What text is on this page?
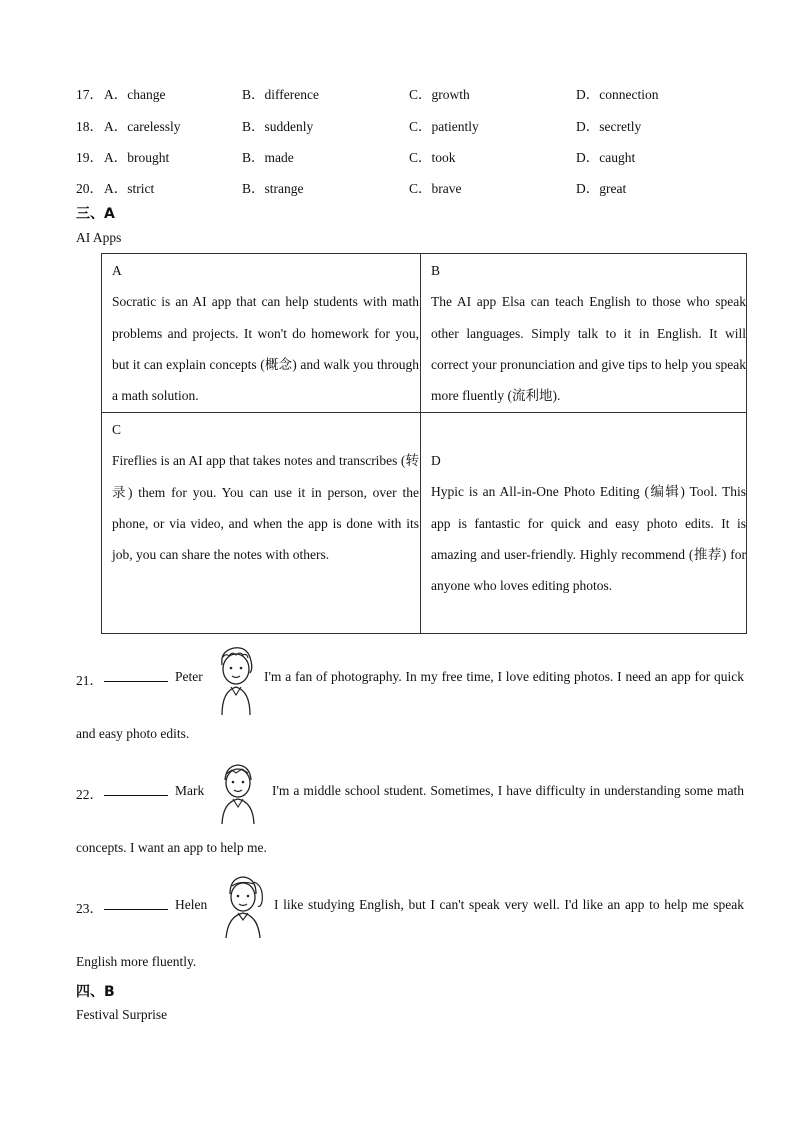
17． A．change	B．difference	C．growth	D．connection
18． A．carelessly	B．suddenly	C．patiently	D．secretly
19． A．brought	B．made	C．took	D．caught
20． A．strict	B．strange	C．brave	D．great
三、A
AI Apps
A
Socratic is an AI app that can help students with math problems and projects. It won't do homework for you, but it can explain concepts (概念) and walk you through a math solution.
B
The AI app Elsa can teach English to those who speak other languages. Simply talk to it in English. It will correct your pronunciation and give tips to help you speak more fluently (流利地).
C
Fireflies is an AI app that takes notes and transcribes (转录) them for you. You can use it in person, over the phone, or via video, and when the app is done with its job, you can share the notes with others.
D
Hypic is an All-in-One Photo Editing (编辑) Tool. This app is fantastic for quick and easy photo edits. It is amazing and user-friendly. Highly recommend (推荐) for anyone who loves editing photos.
21．	Peter	I'm a fan of photography. In my free time, I love editing photos. I need an app for quick and easy photo edits.
22．	Mark	I'm a middle school student. Sometimes, I have difficulty in understanding some math concepts. I want an app to help me.
23．	Helen	I like studying English, but I can't speak very well. I'd like an app to help me speak English more fluently.
四、B
Festival Surprise
